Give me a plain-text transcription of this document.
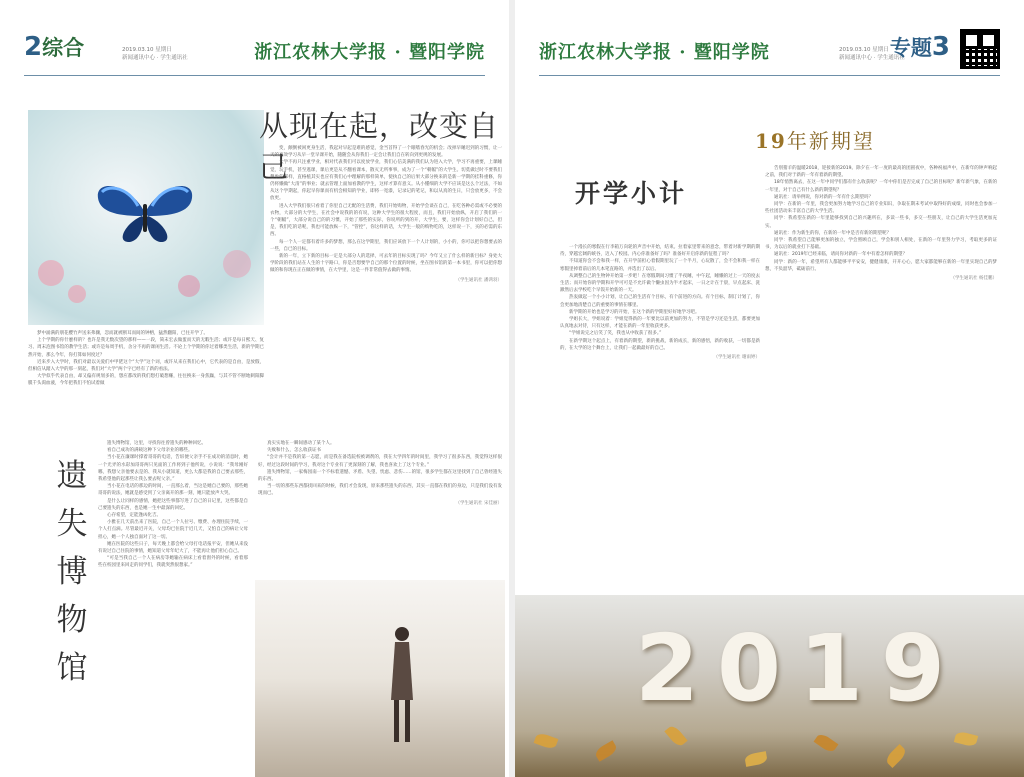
2综合	2019.03.10 星期日
新闻通讯中心 · 学生通讯社	浙江农林大学报 · 暨阳学院
从现在起，改变自己

梦中涌满的朋花樱竹声送来弗骤，忽而就被断耳而间的钟榕，猛然翻阳，已往开学了。

上个学期的你什麽样的？也许是我无数次望的那样——一段，简末宏去做蛋而天的无暇生活；或许是每日熙天、复习、周末泡图书馆的教学生活；或许是每周手机，舍分不再的课闲生活。不论上个学期的你过着哪类生活，新的学期已然开始，那么今年，你打算如何度过？

近来步入大学时，我们对最以关爱们中甲佬这个“大学”这个词，或许从来在我们心中，它代表的是自由，是放假，但相信从踏入大学的那一刻起，我们对“大学”两个字已经有了新的看法。

大学似乎代表自由，却又偏有规划多的，想应都改的我们想打破想赚，往往换来一身焦躁，与其不管不断地刺阳脚膜千头渴血液，今年把我们不怕试着做

变，颠倒被闲更身生活，我起对早起是难的感觉，金当首得了一个眼嗜春光的机会；改掉早睡迟到的习惯，让一天的高效学习从早一堂早课开始，随随会从你我们一定会让我们自在转向到更规的发展。

大学不再只注重学业，相对代表我们可以度放学业，我们心信美满的我们认为进入大学，学习不再重要，上课睡觉，玩手机，甚至逃课，课后更是从不翻看课本，散灭无所事事，成为了一个“朝幅”的大学生。切莫做过时不要我们想象的那样，直格植其实也应有我们心中理解的那样简单，使执自己的后果大部分换来的是新一学期的挂科重修，你仍将懒做“大清”的事业；就去管理上面加看教的学生，这样才算有意义。从小懂细的大学不应该是这么个过法，不如从这个学期起，你起早你课而有机会相知的学业，即将一宽漆，记录记的笔记，和以从真的生日，只会放更多，不会放更。

进入大学我们很只看着了你里自己无配的生活费，我们开始购物，开始学会谈在自己，在吃各种必需或不必要的衣物，大部分的大学生，在社会中说我的的有说，这种大学生的很大程度，而且，我们开始放纵，开启了我们的一个“朝幅”，大部分说自己的的习惯，开始了那些的实际，你说所的到的开，大学生，要，这样你会计划好自己，但是，我们吃的话呢，我也可能放纵一下，“管控”，你这样的话，大学生一般的购物吃的，这样说一下，买的必需的东西。

每一个人一定都有着许多的梦想，那么在这学期里，我们应该放下一个人计划的，小小的，你可以把你想要去的一些，自已的目标。

新的一年，立下新的目标一定是大部分人的选择，可去年的目标实现了吗？今年又立了什么样的新目标？身处大学阶段的我们站在人生的十字路口，你是否想要学自己的那个位置的时候，坐在图书馆的第一本书里，你可以把你想做的和你现在正在做的事情，在大学里，这是一件非常值得去做的事情。

（学生通讯社 潘鸿羽）
遗
失
博
物
馆

遗失博物馆，这里，寻找你往曾遗失的种种回忆。

看自己成功的满载这种下父母亲业的哪些。

当小花在廉课时撑着哥哥的电话，告诉便父亲手不在成功的消息时，她一个光弄的水彩加哥哥两只见面的工作将到子他所说，小说说：“我母刚好哪，我想父亲他要去是的、我从小就知道，更么大都是我的自己要去那些，我希望他的起那些让我么要去呢父亲。”

当小花在电话的那边的时间，一直那么着，当这是她自己要的，那些她哥哥的说法，她就是感受到了父亲离开的那一刻，她只能放声大哭。

是什么让同样的感情，她把这些事都写进了自己的日记里，这些都是自己要遗失的东西，也是她一生中最深的回忆。

心存希望，定能逢凶化吉。

小雅在几天前出来了医院，自己一个人拉号、缴费、办理住院手续，一个人打点滴。尽管最近开关，父母均已住院于近几天，又怕自己的病让父母担心，她一个人独自面对了这一切。

她在医院的这些日子，每天晚上都会给父母打电话报平安，但她从来没有说过自己住院的事情，她知道父母年纪大了，不能再让他们担心自己。

“可是当我自己一个人在病房等她输在病床上看着窗外的时候，看着那些在校园里来回走的同学们，我就突然很想家。”

真实实地在一瞬间感动了某个人。

失败和什么，怎么收获证书

“会计并不是我的第一志愿，而是我在备选院校被调剂的，我在大学四年的时间里，我学习了很多东西，我觉得这样很好，经过这段时间的学习，我对这个专业有了更深刻的了解，我也喜欢上了这个专业。”

遗失博物馆，一家梅园南一个不标着遗憾、矛盾、失望、忧虑、悲伤……的馆，很多学生都在这里找到了自己曾经遗失的东西。

当一切的那些东西都找回来的时候，我们才会发现，原来那些遗失的东西，其实一直都在我们的身边，只是我们没有发现而已。

（学生通讯社 宋佳丽）
浙江农林大学报 · 暨阳学院	2019.03.10 星期日
新闻通讯中心 · 学生通讯社
专题3
19年新期望
开学小计

一个漫长的寒假在行李箱万向轮的声音中开始，结束。拉着家里带来的意念，带着对新学期的期待，穿越宏阔的峡谷，迈入了校园。内心你准备好了吗？准备好开启你新的征程了吗？

不知道你会不会和我一样，在开学前担心着假期里玩了一个半月，心玩散了，会不会和我一样在寒假里掉着前后的几本笔直路的，并选出了以后。

从调整自己的生物钟开始第一步吧！在寒假期间习惯了半夜睡，中午起，睡懒的过上一天的度去生活；而开始你的学期和开学可可是不允许做个懒虫因为半才起床，一日之计在于晨，早点起床、洗漱然后去学校吃个早饭开始新的一天。

热衷做起一个小小计划，让自己的生活有个目标，有个前进的方向。有个目标，制订计划了，你会更加地清楚自己的重要的事情在哪里。

新学期的开始也是学习的开始，在这个新的学期里好好地学习吧。

学姐长大，学姐说着：学姐觉得新的一年要比以前更加的努力，不管是学习还是生活，都要更加认真地去对待，只有这样，才能在新的一年里收获更多。

“学姐说完之后笑了笑，我也从中收获了很多。”

在新学期这个起点上，有着新的期望，新的挑战，新的成长，新的感悟，新的收获，一切都是新的，在大学的这个舞台上，让我们一起做最好的自己。

（学生通讯社 谢雨婷）

告别猪羊的温暖2018，迎接新的2019。除夕在一年一度的最高的团圆夜中，各种祝福声中，在新年的钟声响起之前，我们对于新的一年有着新的期望。

18年悄然离去，在这一年中同学们都有什么收获呢？一年中你们是否完成了自己的目标呢？新年新气象，在新的一年里，对于自己有什么新的期望呢？

通讯社：请举例说，你对新的一年有什么期望吗？

同学：在新的一年里，我会更加努力地学习自己的专业知识，争取在期末考试中取得好的成绩，同时也会参加一些社团活动来丰富自己的大学生活。

同学：我希望在新的一年里能够找到自己的兴趣所在，多读一些书，多交一些朋友，让自己的大学生活更加充实。

通讯社：作为新生的你，在新的一年中是否有新的期望呢？

同学：我希望自己能够更加的独立，学会照顾自己，学会和别人相处，在新的一年里努力学习，考取更多的证书，为以后的就业打下基础。

通讯社：2019年已经来临，请问你对新的一年中有着怎样的期望？

同学：新的一年，希望所有人都能够平平安安，健健康康，开开心心，愿大家都能够在新的一年里实现自己的梦想，不负韶华，砥砺前行。

（学生通讯社 杨佳鹏）
2019
